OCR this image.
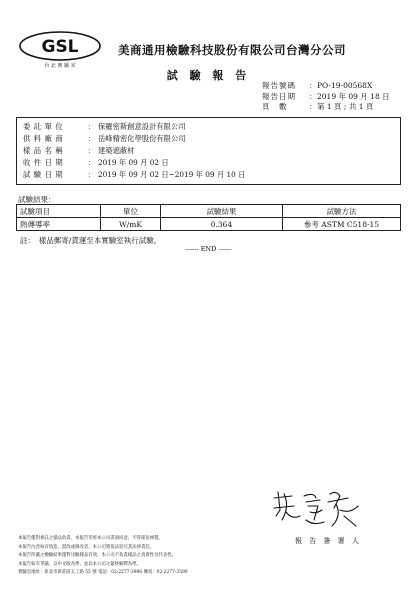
GSL
台 北 實 驗 室
美商通用檢驗科技股份有限公司台灣分公司
試 驗 報 告
報告號碼	： PO-19-00568X
報告日期	： 2019 年 09 月 18 日
頁　數	： 第 1 頁 ; 共 1 頁
委託單位	： 保羅密斯創意設計有限公司
供料廠商	： 岳峰精密化學股份有限公司
樣品名稱	： 建築遮蔽材
收件日期	： 2019 年 09 月 02 日
試驗日期	： 2019 年 09 月 02 日~2019 年 09 月 10 日
試驗結果：
試驗項目	單位	試驗結果	試驗方法
熱傳導率	W/mK	0.364	參考 ASTM C518-15
註：　樣品郵寄/貨運至本實驗室執行試驗。
------ END ------
報 告 簽 署 人
本報告僅對委託之樣品負責，本報告非經本公司書面同意，不得部份複製。
本報告內容如有偽造、竄改或修改者，本公司將依法追究其法律責任。
本報告所載之檢驗結果僅對送驗樣品有效，本公司不負責樣品之真實性及代表性。
本報告如有爭議，以中文版為準，並以本公司之最終解釋為準。
實驗室地址：新北市新莊區五工路 55 號 電話：02-2277-3996 傳真：02-2277-3590
